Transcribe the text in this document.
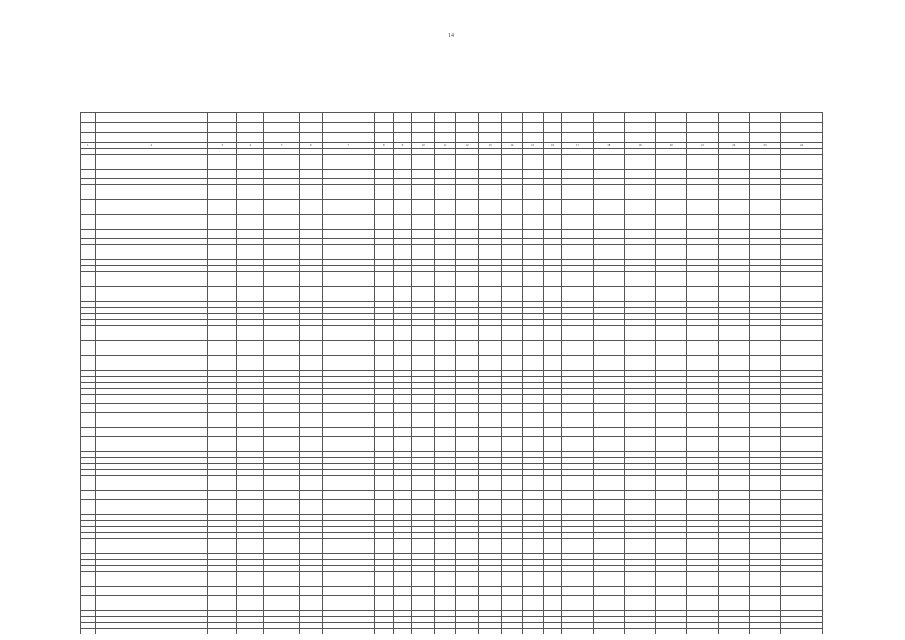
14

1	2	3	4	5	6	7	8	9	10	11	12	13	14	15	16	17	18	19	20	21	22	23	24
